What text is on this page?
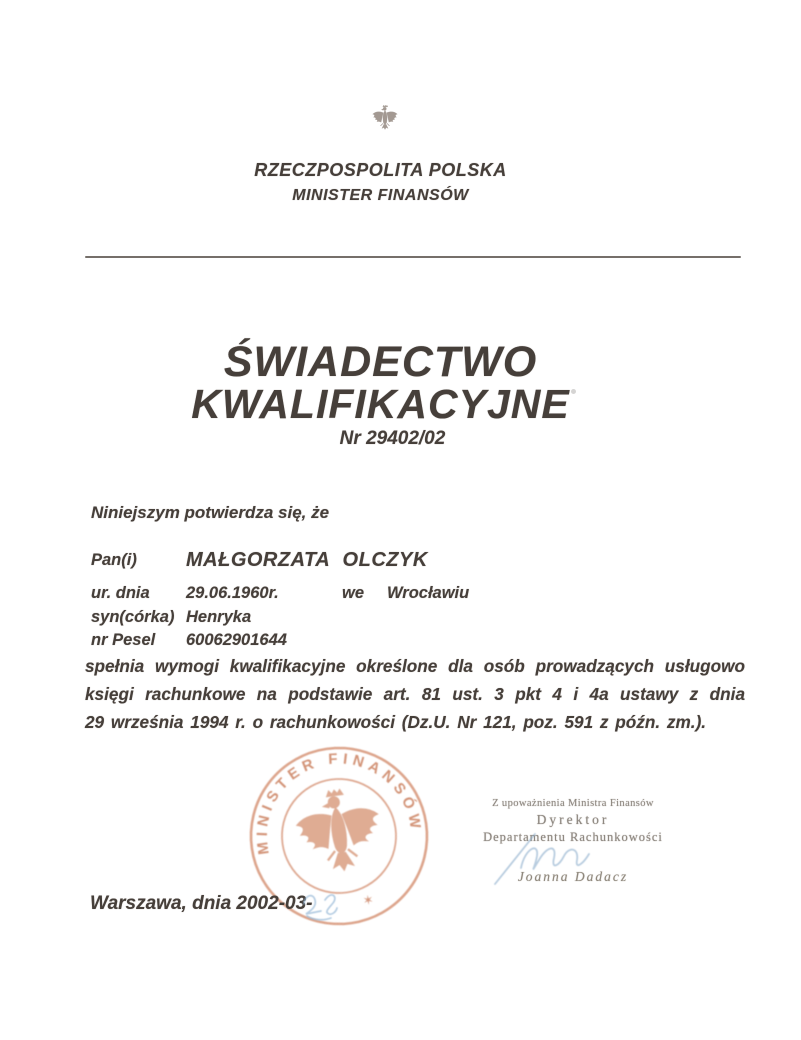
RZECZPOSPOLITA POLSKA
MINISTER FINANSÓW
ŚWIADECTWO
KWALIFIKACYJNE
Nr 29402/02
Niniejszym potwierdza się, że
Pan(i) MAŁGORZATA OLCZYK
ur. dnia 29.06.1960r.	we Wrocławiu
syn(córka) Henryka
nr Pesel 60062901644
spełnia wymogi kwalifikacyjne określone dla osób prowadzących usługowo
księgi rachunkowe na podstawie art. 81 ust. 3 pkt 4 i 4a ustawy z dnia
29 września 1994 r. o rachunkowości (Dz.U. Nr 121, poz. 591 z późn. zm.).
MINISTER FINANSÓW
✶
Z upoważnienia Ministra Finansów
Dyrektor
Departamentu Rachunkowości
Joanna Dadacz
Warszawa, dnia 2002-03-
